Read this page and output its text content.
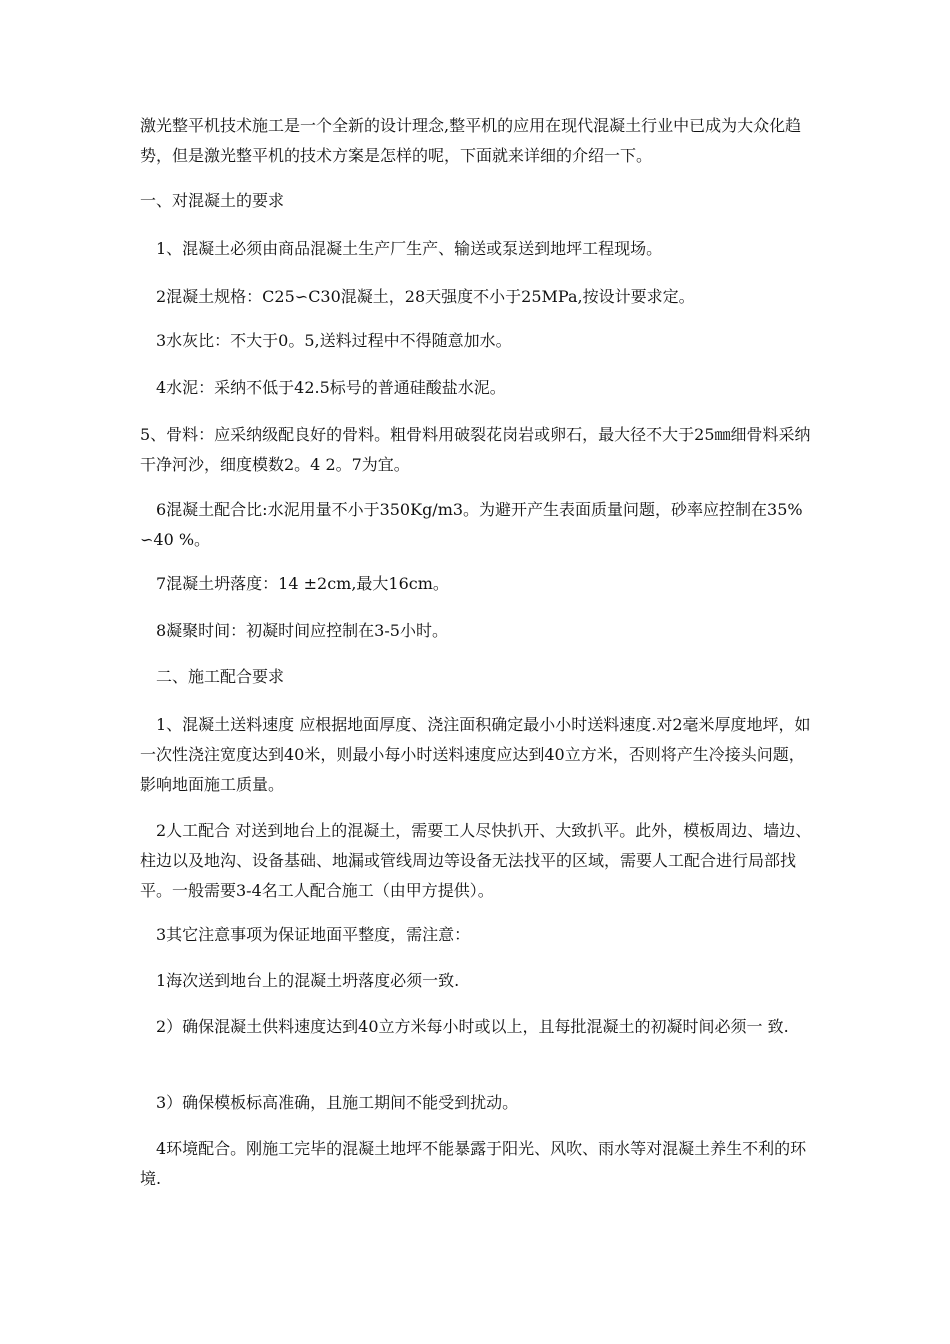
激光整平机技术施工是一个全新的设计理念,整平机的应用在现代混凝土行业中已成为大众化趋势，但是激光整平机的技术方案是怎样的呢，下面就来详细的介绍一下。

一、对混凝土的要求

　1、混凝土必须由商品混凝土生产厂生产、输送或泵送到地坪工程现场。

　2混凝土规格：C25∽C30混凝土，28天强度不小于25MPa,按设计要求定。

　3水灰比：不大于0。5,送料过程中不得随意加水。

　4水泥：采纳不低于42.5标号的普通硅酸盐水泥。

5、骨料：应采纳级配良好的骨料。粗骨料用破裂花岗岩或卵石，最大径不大于25㎜细骨料采纳干净河沙，细度模数2。4 2。7为宜。

　6混凝土配合比:水泥用量不小于350Kg/m3。为避开产生表面质量问题，砂率应控制在35%∽40 %。

　7混凝土坍落度：14 ±2cm,最大16cm。

　8凝聚时间：初凝时间应控制在3-5小时。

　二、施工配合要求

　1、混凝土送料速度 应根据地面厚度、浇注面积确定最小小时送料速度.对2毫米厚度地坪，如一次性浇注宽度达到40米，则最小每小时送料速度应达到40立方米，否则将产生冷接头问题，影响地面施工质量。

　2人工配合 对送到地台上的混凝土，需要工人尽快扒开、大致扒平。此外，模板周边、墙边、柱边以及地沟、设备基础、地漏或管线周边等设备无法找平的区域，需要人工配合进行局部找平。一般需要3-4名工人配合施工（由甲方提供）。

　3其它注意事项为保证地面平整度，需注意：

　1海次送到地台上的混凝土坍落度必须一致.

　2）确保混凝土供料速度达到40立方米每小时或以上，且每批混凝土的初凝时间必须一 致.

　3）确保模板标高准确，且施工期间不能受到扰动。

　4环境配合。刚施工完毕的混凝土地坪不能暴露于阳光、风吹、雨水等对混凝土养生不利的环境.
